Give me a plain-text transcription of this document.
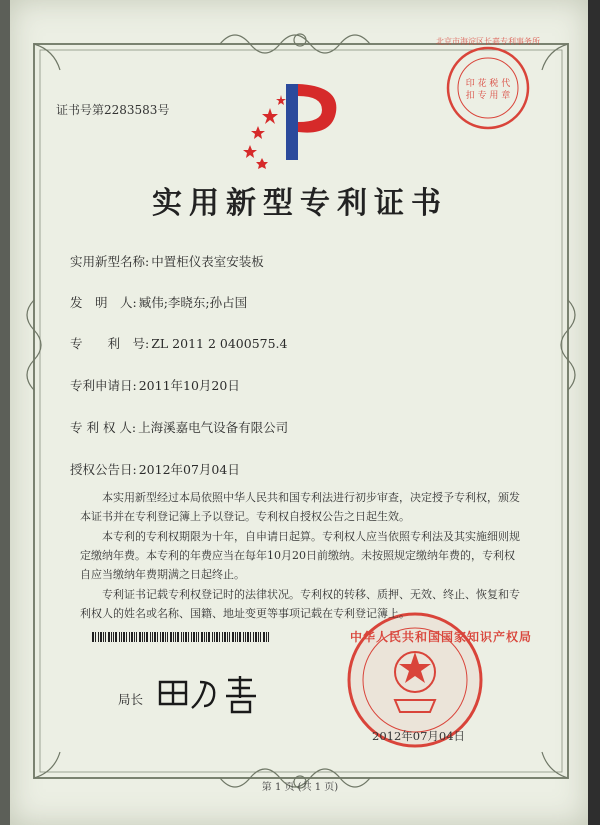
印 花 税 代 扣 专 用 章
北京市海淀区长嘉专利事务所
证书号第2283583号
实用新型专利证书
实用新型名称: 中置柜仪表室安装板
发　明　人: 臧伟;李晓东;孙占国
专　　利　号: ZL 2011 2 0400575.4
专利申请日: 2011年10月20日
专 利 权 人: 上海溪嘉电气设备有限公司
授权公告日: 2012年07月04日
本实用新型经过本局依照中华人民共和国专利法进行初步审查，决定授予专利权，颁发本证书并在专利登记簿上予以登记。专利权自授权公告之日起生效。
本专利的专利权期限为十年，自申请日起算。专利权人应当依照专利法及其实施细则规定缴纳年费。本专利的年费应当在每年10月20日前缴纳。未按照规定缴纳年费的，专利权自应当缴纳年费期满之日起终止。
专利证书记载专利权登记时的法律状况。专利权的转移、质押、无效、终止、恢复和专利权人的姓名或名称、国籍、地址变更等事项记载在专利登记簿上。
局长
中华人民共和国国家知识产权局
2012年07月04日
第 1 页 (共 1 页)
